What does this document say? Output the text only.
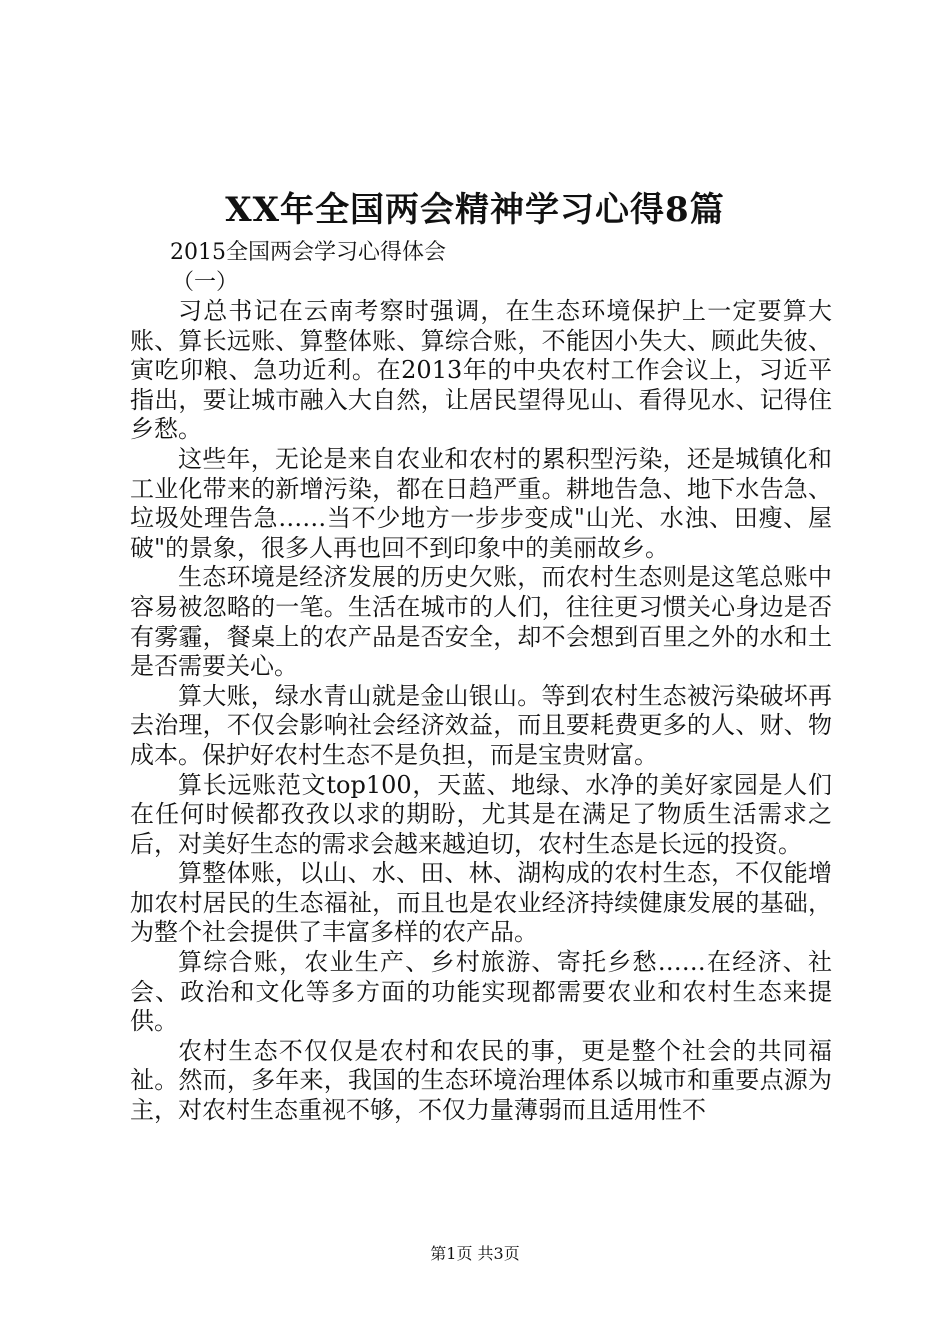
XX年全国两会精神学习心得8篇
2015全国两会学习心得体会
（一）

习总书记在云南考察时强调，在生态环境保护上一定要算大账、算长远账、算整体账、算综合账，不能因小失大、顾此失彼、寅吃卯粮、急功近利。在2013年的中央农村工作会议上，习近平指出，要让城市融入大自然，让居民望得见山、看得见水、记得住乡愁。

这些年，无论是来自农业和农村的累积型污染，还是城镇化和工业化带来的新增污染，都在日趋严重。耕地告急、地下水告急、垃圾处理告急……当不少地方一步步变成"山光、水浊、田瘦、屋破"的景象，很多人再也回不到印象中的美丽故乡。

生态环境是经济发展的历史欠账，而农村生态则是这笔总账中容易被忽略的一笔。生活在城市的人们，往往更习惯关心身边是否有雾霾，餐桌上的农产品是否安全，却不会想到百里之外的水和土是否需要关心。

算大账，绿水青山就是金山银山。等到农村生态被污染破坏再去治理，不仅会影响社会经济效益，而且要耗费更多的人、财、物成本。保护好农村生态不是负担，而是宝贵财富。

算长远账范文top100，天蓝、地绿、水净的美好家园是人们在任何时候都孜孜以求的期盼，尤其是在满足了物质生活需求之后，对美好生态的需求会越来越迫切，农村生态是长远的投资。

算整体账，以山、水、田、林、湖构成的农村生态，不仅能增加农村居民的生态福祉，而且也是农业经济持续健康发展的基础，为整个社会提供了丰富多样的农产品。

算综合账，农业生产、乡村旅游、寄托乡愁……在经济、社会、政治和文化等多方面的功能实现都需要农业和农村生态来提供。

农村生态不仅仅是农村和农民的事，更是整个社会的共同福祉。然而，多年来，我国的生态环境治理体系以城市和重要点源为主，对农村生态重视不够，不仅力量薄弱而且适用性不

第1页 共3页
